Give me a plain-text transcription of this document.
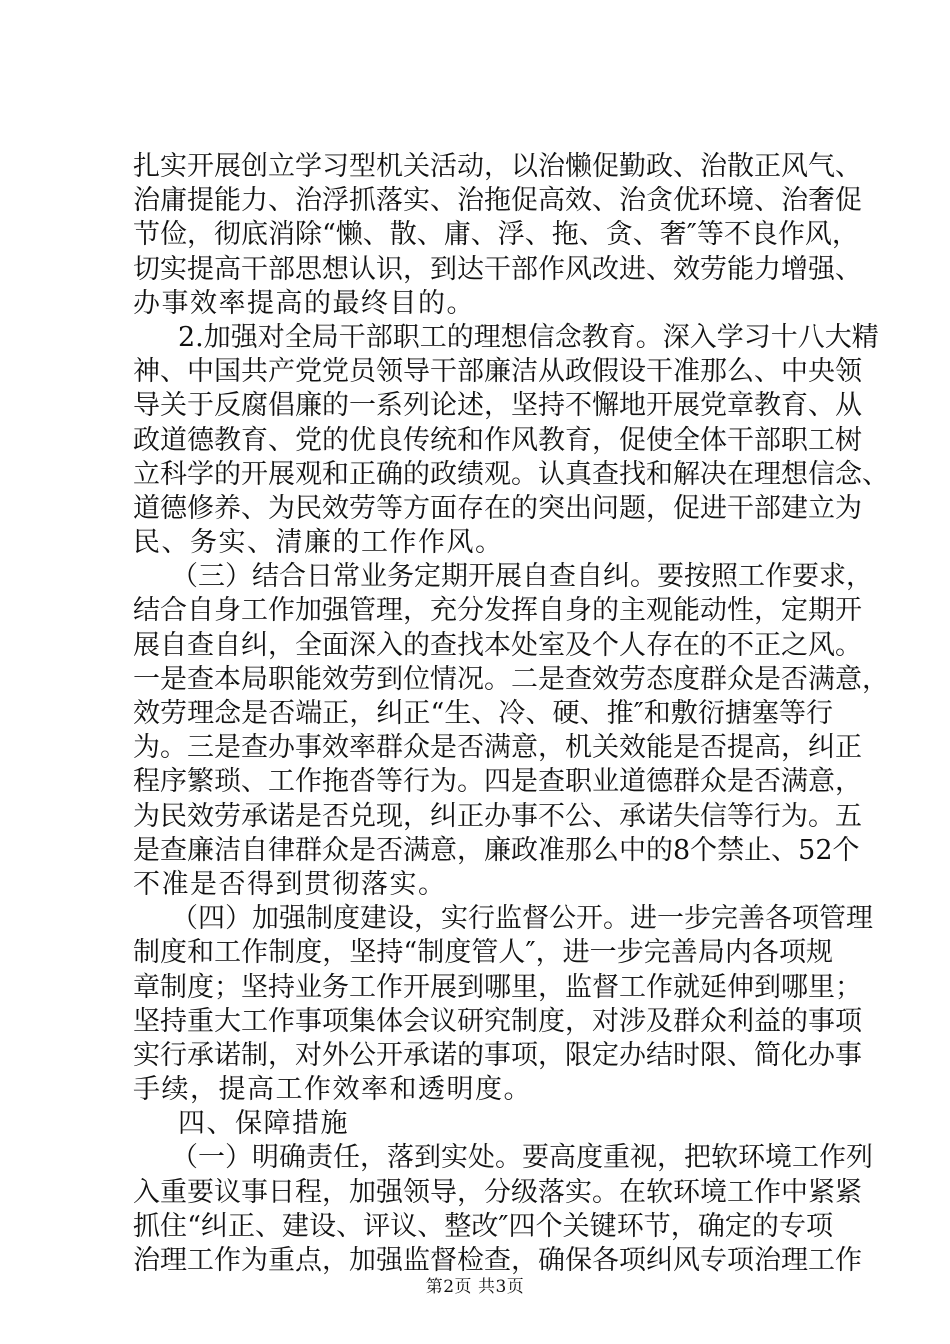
扎实开展创立学习型机关活动，以治懒促勤政、治散正风气、
治庸提能力、治浮抓落实、治拖促高效、治贪优环境、治奢促
节俭，彻底消除“懒、散、庸、浮、拖、贪、奢″等不良作风，
切实提高干部思想认识，到达干部作风改进、效劳能力增强、
办事效率提高的最终目的。
2.加强对全局干部职工的理想信念教育。深入学习十八大精
神、中国共产党党员领导干部廉洁从政假设干准那么、中央领
导关于反腐倡廉的一系列论述，坚持不懈地开展党章教育、从
政道德教育、党的优良传统和作风教育，促使全体干部职工树
立科学的开展观和正确的政绩观。认真查找和解决在理想信念、
道德修养、为民效劳等方面存在的突出问题，促进干部建立为
民、务实、清廉的工作作风。
（三）结合日常业务定期开展自查自纠。要按照工作要求，
结合自身工作加强管理，充分发挥自身的主观能动性，定期开
展自查自纠，全面深入的查找本处室及个人存在的不正之风。
一是查本局职能效劳到位情况。二是查效劳态度群众是否满意，
效劳理念是否端正，纠正“生、冷、硬、推″和敷衍搪塞等行
为。三是查办事效率群众是否满意，机关效能是否提高，纠正
程序繁琐、工作拖沓等行为。四是查职业道德群众是否满意，
为民效劳承诺是否兑现，纠正办事不公、承诺失信等行为。五
是查廉洁自律群众是否满意，廉政准那么中的8个禁止、52个
不准是否得到贯彻落实。
（四）加强制度建设，实行监督公开。进一步完善各项管理
制度和工作制度，坚持“制度管人″，进一步完善局内各项规
章制度；坚持业务工作开展到哪里，监督工作就延伸到哪里；
坚持重大工作事项集体会议研究制度，对涉及群众利益的事项
实行承诺制，对外公开承诺的事项，限定办结时限、简化办事
手续，提高工作效率和透明度。
四、保障措施
（一）明确责任，落到实处。要高度重视，把软环境工作列
入重要议事日程，加强领导，分级落实。在软环境工作中紧紧
抓住“纠正、建设、评议、整改″四个关键环节，确定的专项
治理工作为重点，加强监督检查，确保各项纠风专项治理工作
第2页 共3页
